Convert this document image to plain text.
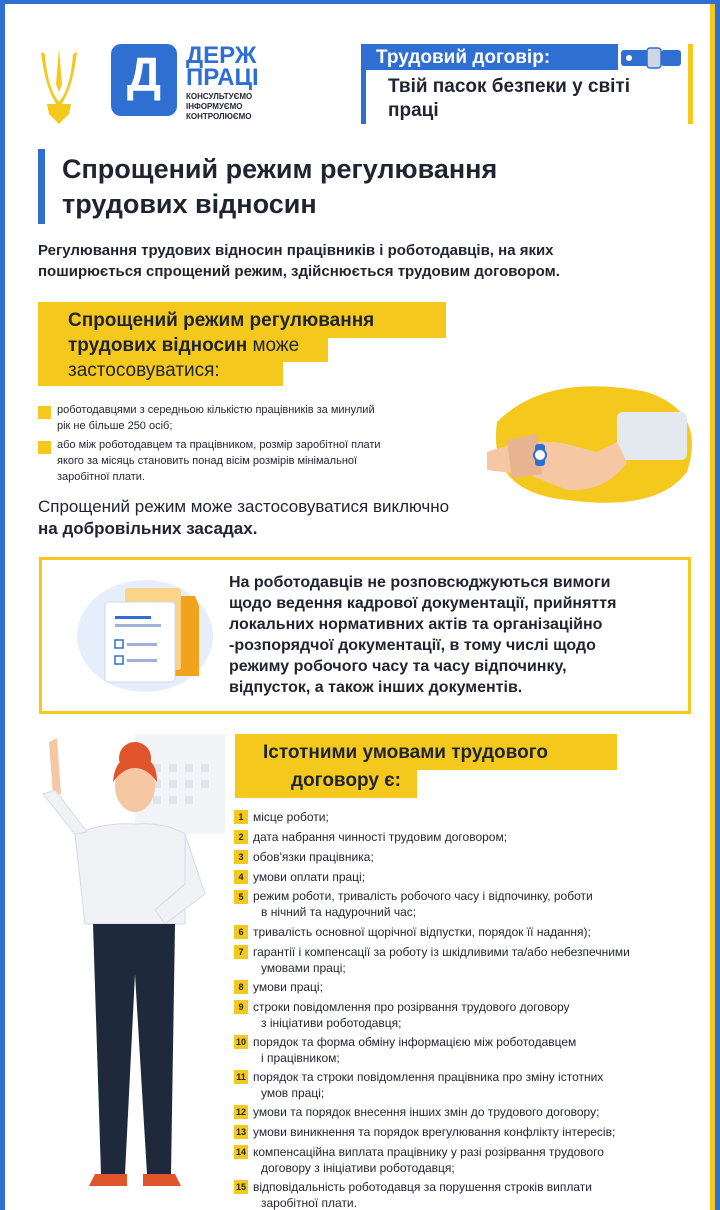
Д	ДЕРЖ
ПРАЦІ
КОНСУЛЬТУЄМО
ІНФОРМУЄМО
КОНТРОЛЮЄМО
Трудовий договір:
Твій пасок безпеки у світі
праці
Спрощений режим регулювання
трудових відносин
Регулювання трудових відносин працівників і роботодавців, на яких
поширюється спрощений режим, здійснюється трудовим договором.
Спрощений режим регулювання
трудових відносин може
застосовуватися:
роботодавцями з середньою кількістю працівників за минулий
рік не більше 250 осіб;
або між роботодавцем та працівником, розмір заробітної плати
якого за місяць становить понад вісім розмірів мінімальної
заробітної плати.
Спрощений режим може застосовуватися виключно
на добровільних засадах.
На роботодавців не розповсюджуються вимоги
щодо ведення кадрової документації, прийняття
локальних нормативних актів та організаційно
-розпорядчої документації, в тому числі щодо
режиму робочого часу та часу відпочинку,
відпусток, а також інших документів.
Істотними умовами трудового
договору є:
1 місце роботи;
2 дата набрання чинності трудовим договором;
3 обов'язки працівника;
4 умови оплати праці;
5 режим роботи, тривалість робочого часу і відпочинку, роботи
в нічний та надурочний час;
6 тривалість основної щорічної відпустки, порядок її надання);
7 гарантії і компенсації за роботу із шкідливими та/або небезпечними
умовами праці;
8 умови праці;
9 строки повідомлення про розірвання трудового договору
з ініціативи роботодавця;
10 порядок та форма обміну інформацією між роботодавцем
і працівником;
11 порядок та строки повідомлення працівника про зміну істотних
умов праці;
12 умови та порядок внесення інших змін до трудового договору;
13 умови виникнення та порядок врегулювання конфлікту інтересів;
14 компенсаційна виплата працівнику у разі розірвання трудового
договору з ініціативи роботодавця;
15 відповідальність роботодавця за порушення строків виплати
заробітної плати.
